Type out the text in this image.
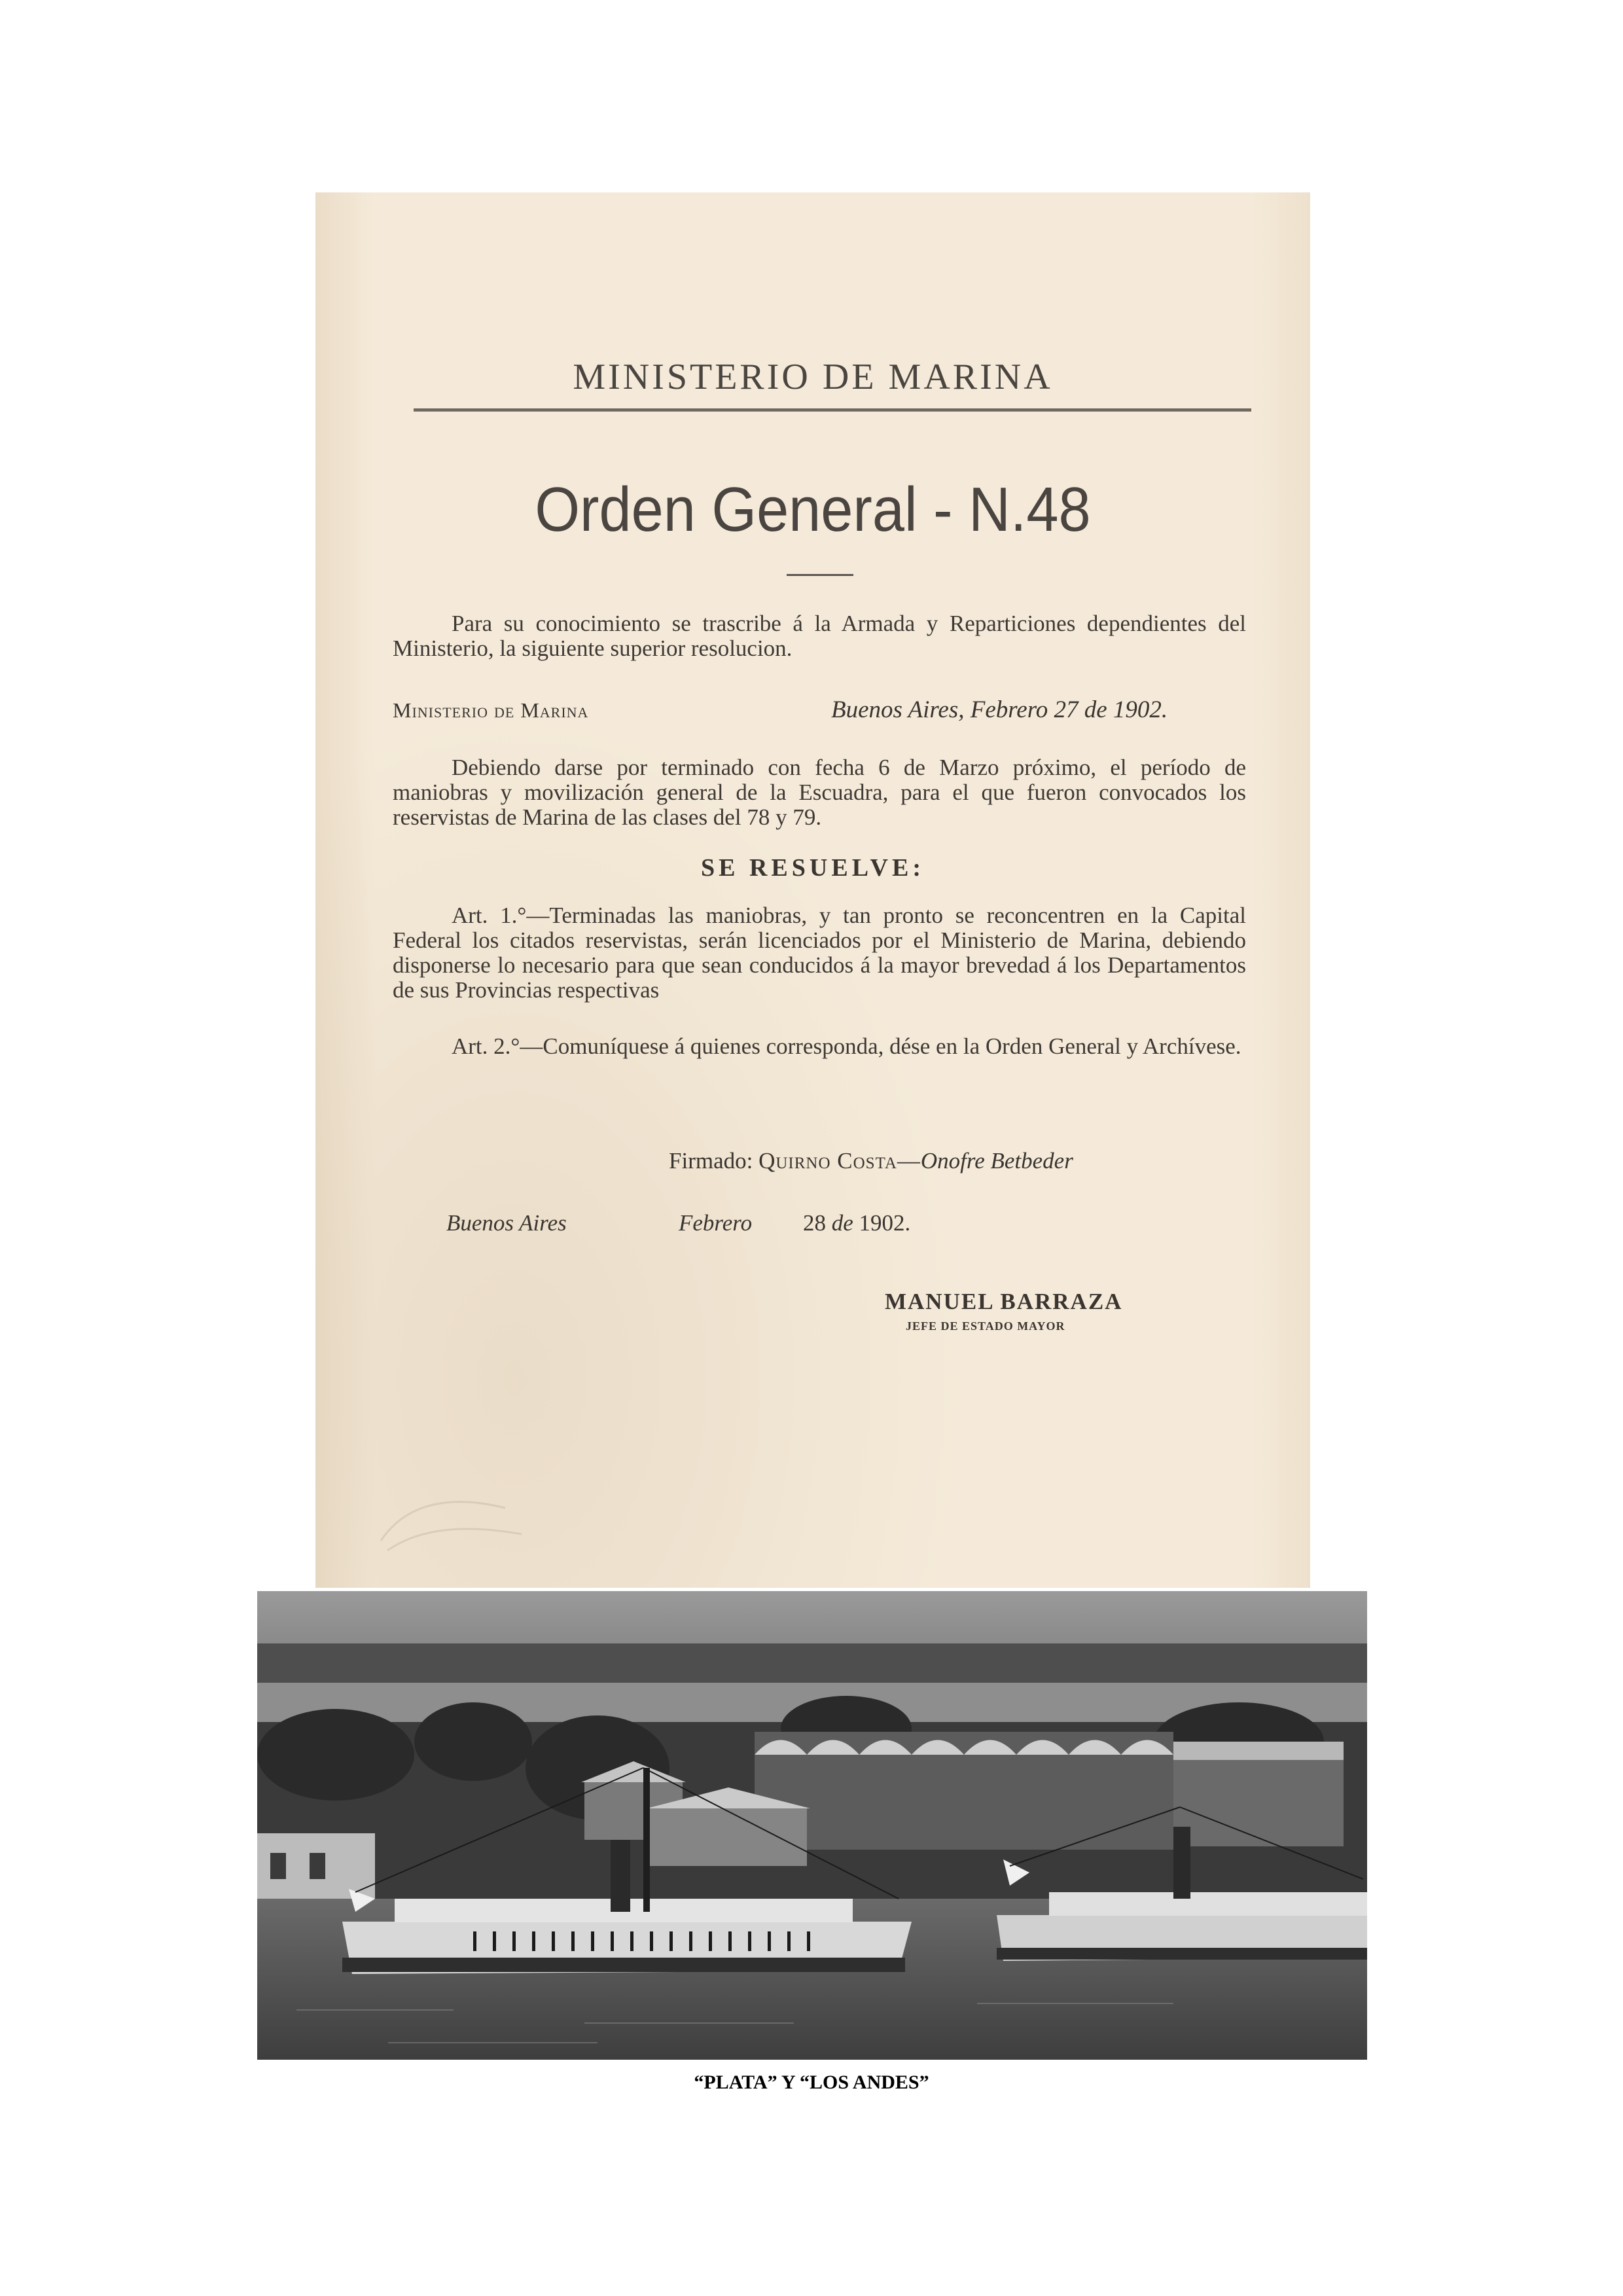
MINISTERIO DE MARINA
Orden General - N.48

Para su conocimiento se trascribe á la Armada y Reparticiones dependientes del Ministerio, la siguiente superior resolucion.

Ministerio de Marina	Buenos Aires, Febrero 27 de 1902.

Debiendo darse por terminado con fecha 6 de Marzo próximo, el período de maniobras y movilización general de la Escuadra, para el que fueron convocados los reservistas de Marina de las clases del 78 y 79.

SE RESUELVE:

Art. 1.°—Terminadas las maniobras, y tan pronto se reconcentren en la Capital Federal los citados reservistas, serán licenciados por el Ministerio de Marina, debiendo disponerse lo necesario para que sean conducidos á la mayor brevedad á los Departamentos de sus Provincias respectivas

Art. 2.°—Comuníquese á quienes corresponda, dése en la Orden General y Archívese.

Firmado: Quirno Costa—Onofre Betbeder
Buenos Aires	Febrero 28 de 1902.
MANUEL BARRAZA
JEFE DE ESTADO MAYOR
“PLATA” Y “LOS ANDES”
